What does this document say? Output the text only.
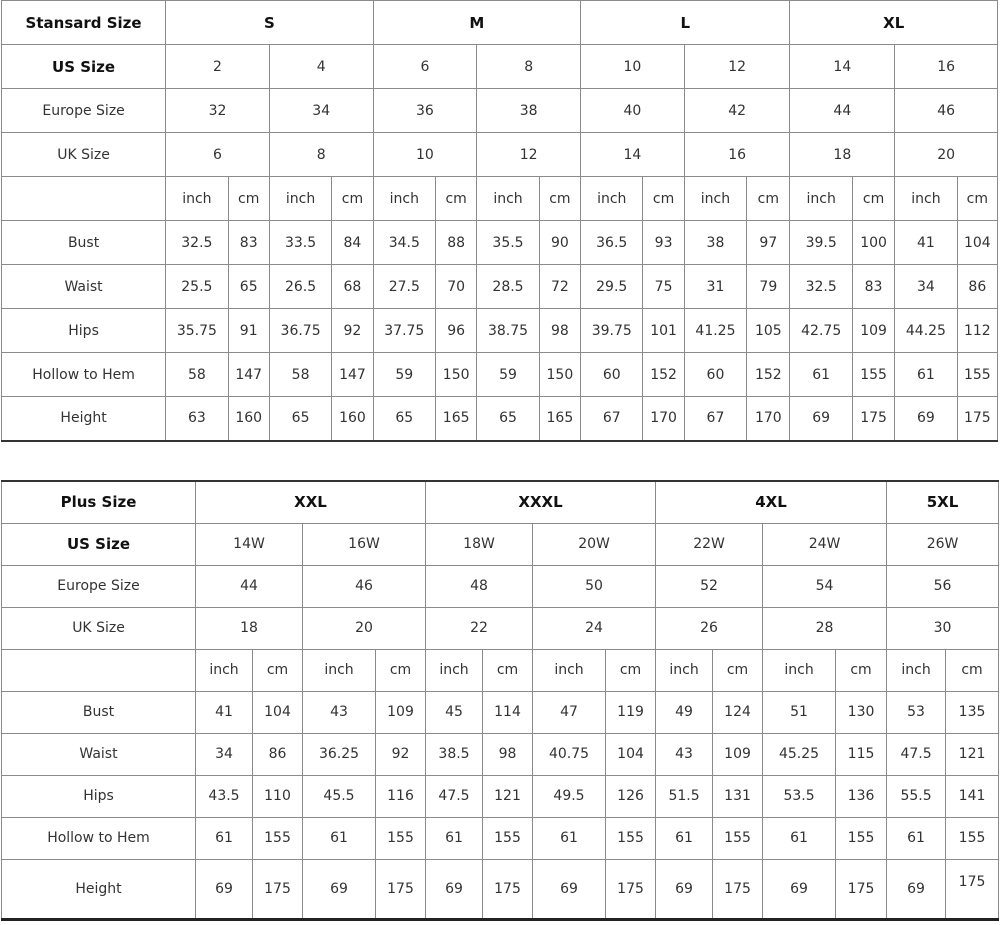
Stansard Size	S				M				L				XL			
US Size	2		4		6		8		10		12		14		16	
Europe Size	32		34		36		38		40		42		44		46	
UK Size	6		8		10		12		14		16		18		20	
	inch	cm	inch	cm	inch	cm	inch	cm	inch	cm	inch	cm	inch	cm	inch	cm
Bust	32.5	83	33.5	84	34.5	88	35.5	90	36.5	93	38	97	39.5	100	41	104
Waist	25.5	65	26.5	68	27.5	70	28.5	72	29.5	75	31	79	32.5	83	34	86
Hips	35.75	91	36.75	92	37.75	96	38.75	98	39.75	101	41.25	105	42.75	109	44.25	112
Hollow to Hem	58	147	58	147	59	150	59	150	60	152	60	152	61	155	61	155
Height	63	160	65	160	65	165	65	165	67	170	67	170	69	175	69	175
Plus Size	XXL				XXXL				4XL				5XL	
US Size	14W		16W		18W		20W		22W		24W		26W	
Europe Size	44		46		48		50		52		54		56	
UK Size	18		20		22		24		26		28		30	
	inch	cm	inch	cm	inch	cm	inch	cm	inch	cm	inch	cm	inch	cm
Bust	41	104	43	109	45	114	47	119	49	124	51	130	53	135
Waist	34	86	36.25	92	38.5	98	40.75	104	43	109	45.25	115	47.5	121
Hips	43.5	110	45.5	116	47.5	121	49.5	126	51.5	131	53.5	136	55.5	141
Hollow to Hem	61	155	61	155	61	155	61	155	61	155	61	155	61	155
Height	69	175	69	175	69	175	69	175	69	175	69	175	69	175
